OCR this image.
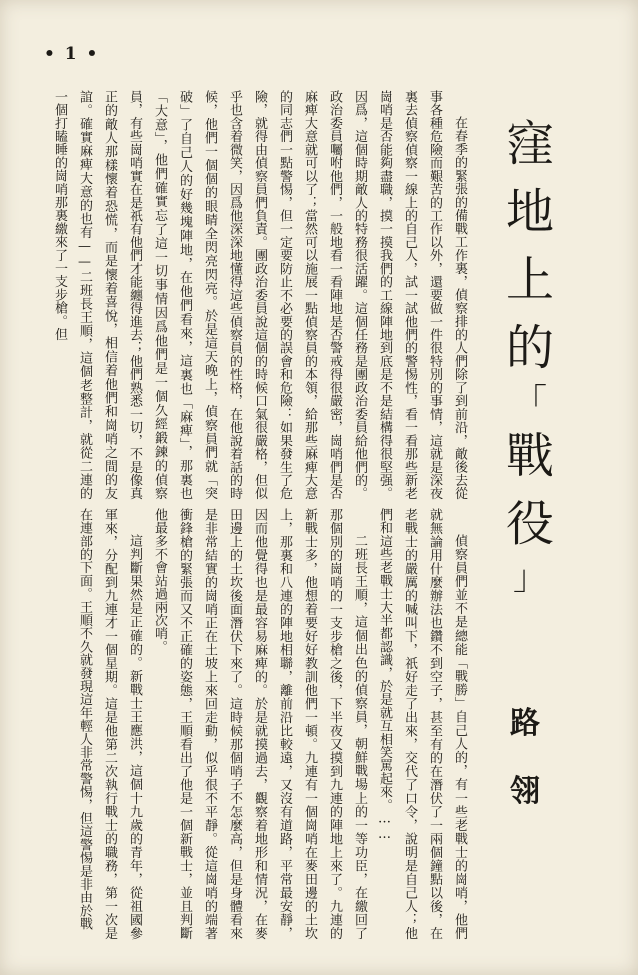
• 1 •
窪
地
上
的
「
戰
役
」
路
翎

在春季的緊張的備戰工作裏，偵察排的人們除了到前沿，敵後去從事各種危險而艱苦的工作以外，還要做一件很特別的事情，這就是深夜裏去偵察偵察一線上的自己人，試一試他們的警惕性，看一看那些新老崗哨是否能夠盡職，摸一摸我們的工線陣地到底是不是結構得很堅强。因爲，這個時期敵人的特務很活躍。這個任務是團政治委員給他們的。政治委員囑咐他們，一般地看一看陣地是否警戒得很嚴密，崗哨們是否麻痺大意就可以了；當然可以施展一點偵察員的本領，給那些麻痺大意的同志們一點警惕，但一定要防止不必要的誤會和危險：如果發生了危險，就得由偵察員們負責。團政治委員說這個的時候口氣很嚴格，但似乎也含着微笑，因爲他深深地懂得這些偵察員的性格，在他說着話的時候，他們一個個的眼睛全閃亮閃亮。於是這天晚上，偵察員們就「突破」了自己人的好幾塊陣地，在他們看來，這裏也「麻痺」，那裏也「大意」，他們確實忘了這一切事情因爲他們是一個久經鍛鍊的偵察員，有些崗哨實在是祇有他們才能纏得進去；他們熟悉一切，不是像真正的敵人那樣懷着恐慌，而是懷着喜悅，相信着他們和崗哨之間的友誼。確實麻痺大意的也有——二班長王順，這個老整計，就從二連的一個打瞌睡的崗哨那裏繳來了一支步槍。但

偵察員們並不是總能「戰勝」自己人的，有一些老戰士的崗哨，他們就無論用什麼辦法也鑽不到空子，甚至有的在潛伏了一兩個鐘點以後，在老戰士的嚴厲的喊叫下，祇好走了出來，交代了口令，說明是自己人；他們和這些老戰士大半都認識，於是就互相笑罵起來。……

二班長王順，這個出色的偵察員，朝鮮戰場上的一等功臣，在繳回了那個別的崗哨的一支步槍之後，下半夜又摸到九連的陣地上來了。九連的新戰士多，他想着要好好教訓他們一頓。九連有一個崗哨在麥田邊的土坎上，那裏和八連的陣地相聯，離前沿比較遠，又沒有道路，平常最安靜，因而他覺得也是最容易麻痺的。於是就摸過去，觀察着地形和情況，在麥田邊上的土坎後面潛伏下來了。這時候那個哨子不怎麼高，但是身體看來是非常結實的崗哨正在土坡上來回走動，似乎很不平靜。從這崗哨的端著衝鋒槍的緊張而又不正確的姿態，王順看出了他是一個新戰士，並且判斷他最多不會站過兩次哨。

這判斷果然是正確的。新戰士王應洪，這個十九歲的青年，從祖國參軍來，分配到九連才一個星期。這是他第二次執行戰士的職務，第一次是在連部的下面。王順不久就發現這年輕人非常警惕，但這警惕是非由於戰
